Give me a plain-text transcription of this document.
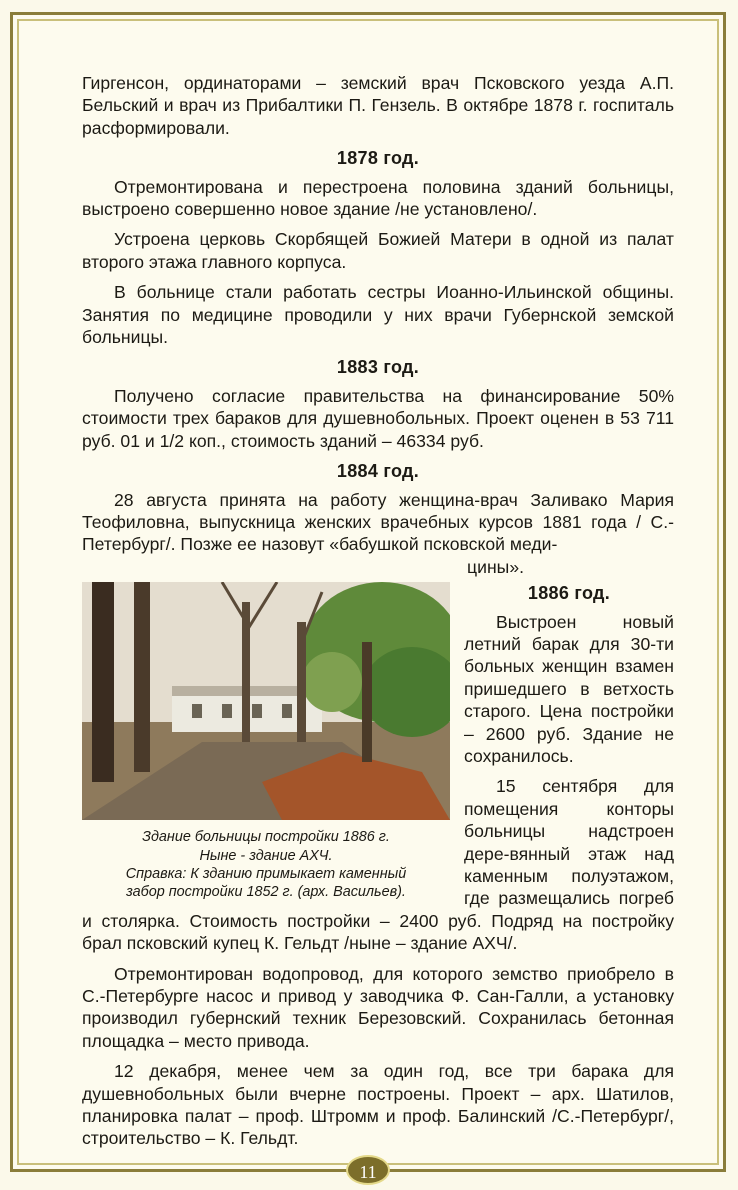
Гиргенсон, ординаторами – земский врач Псковского уезда А.П. Бельский и врач из Прибалтики П. Гензель. В октябре 1878 г. госпиталь расформировали.

1878 год.

Отремонтирована и перестроена половина зданий больницы, выстроено совершенно новое здание /не установлено/.

Устроена церковь Скорбящей Божией Матери в одной из палат второго этажа главного корпуса.

В больнице стали работать сестры Иоанно-Ильинской общины. Занятия по медицине проводили у них врачи Губернской земской больницы.

1883 год.

Получено согласие правительства на финансирование 50% стоимости трех бараков для душевнобольных. Проект оценен в 53 711 руб. 01 и 1/2 коп., стоимость зданий – 46334 руб.

1884 год.

28 августа принята на работу женщина-врач Заливако Мария Теофиловна, выпускница женских врачебных курсов 1881 года / С.-Петербург/. Позже ее назовут «бабушкой псковской меди-

цины».
Здание больницы постройки 1886 г.
Ныне - здание АХЧ.
Справка: К зданию примыкает каменный
забор постройки 1852 г. (арх. Васильев).
1886 год.

Выстроен новый летний барак для 30-ти больных женщин взамен пришедшего в ветхость старого. Цена постройки – 2600 руб. Здание не сохранилось.

15 сентября для помещения конторы больницы надстроен дере-вянный этаж над каменным полуэтажом, где размещались погреб и столярка. Стоимость постройки – 2400 руб. Подряд на постройку брал псковский купец К. Гельдт /ныне – здание АХЧ/.

Отремонтирован водопровод, для которого земство приобрело в С.-Петербурге насос и привод у заводчика Ф. Сан-Галли, а установку производил губернский техник Березовский. Сохранилась бетонная площадка – место привода.

12 декабря, менее чем за один год, все три барака для душевнобольных были вчерне построены. Проект – арх. Шатилов, планировка палат – проф. Штромм и проф. Балинский /С.-Петербург/, строительство – К. Гельдт.

11
